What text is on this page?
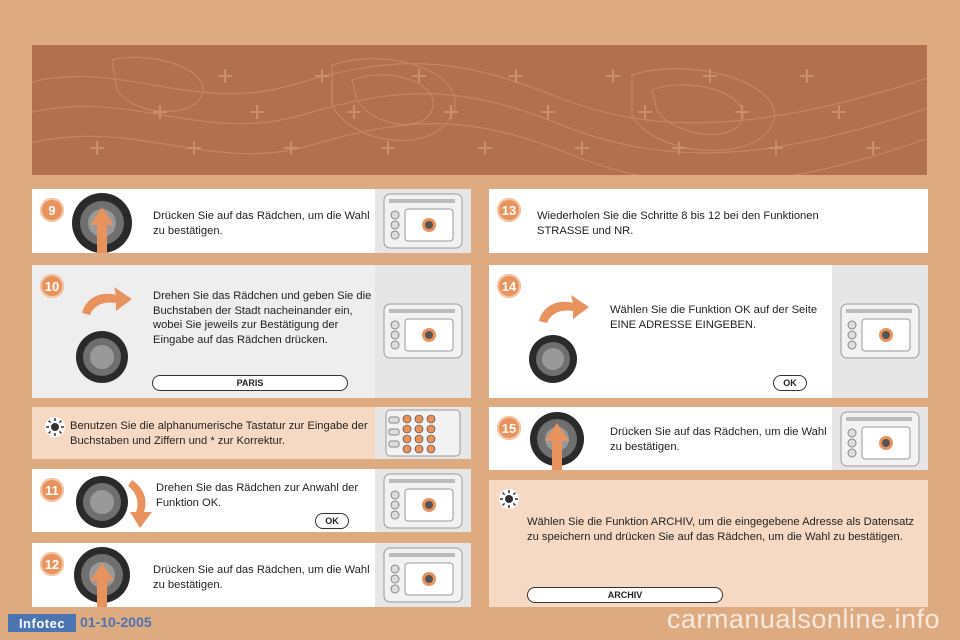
9	Drücken Sie auf das Rädchen, um die Wahl zu bestätigen.
10
Drehen Sie das Rädchen und geben Sie die Buchstaben der Stadt nacheinander ein, wobei Sie jeweils zur Bestätigung der Eingabe auf das Rädchen drücken.
PARIS
Benutzen Sie die alphanumerische Tastatur zur Eingabe der Buchstaben und Ziffern und * zur Korrektur.
11	Drehen Sie das Rädchen zur Anwahl der Funktion OK.
OK
12	Drücken Sie auf das Rädchen, um die Wahl zu bestätigen.
13	Wiederholen Sie die Schritte 8 bis 12 bei den Funktionen STRASSE und NR.
14
Wählen Sie die Funktion OK auf der Seite EINE ADRESSE EINGEBEN.
OK
15	Drücken Sie auf das Rädchen, um die Wahl zu bestätigen.
Wählen Sie die Funktion ARCHIV, um die eingegebene Adresse als Datensatz zu speichern und drücken Sie auf das Rädchen, um die Wahl zu bestätigen.
ARCHIV
Infotec	01-10-2005	carmanualsonline.info
